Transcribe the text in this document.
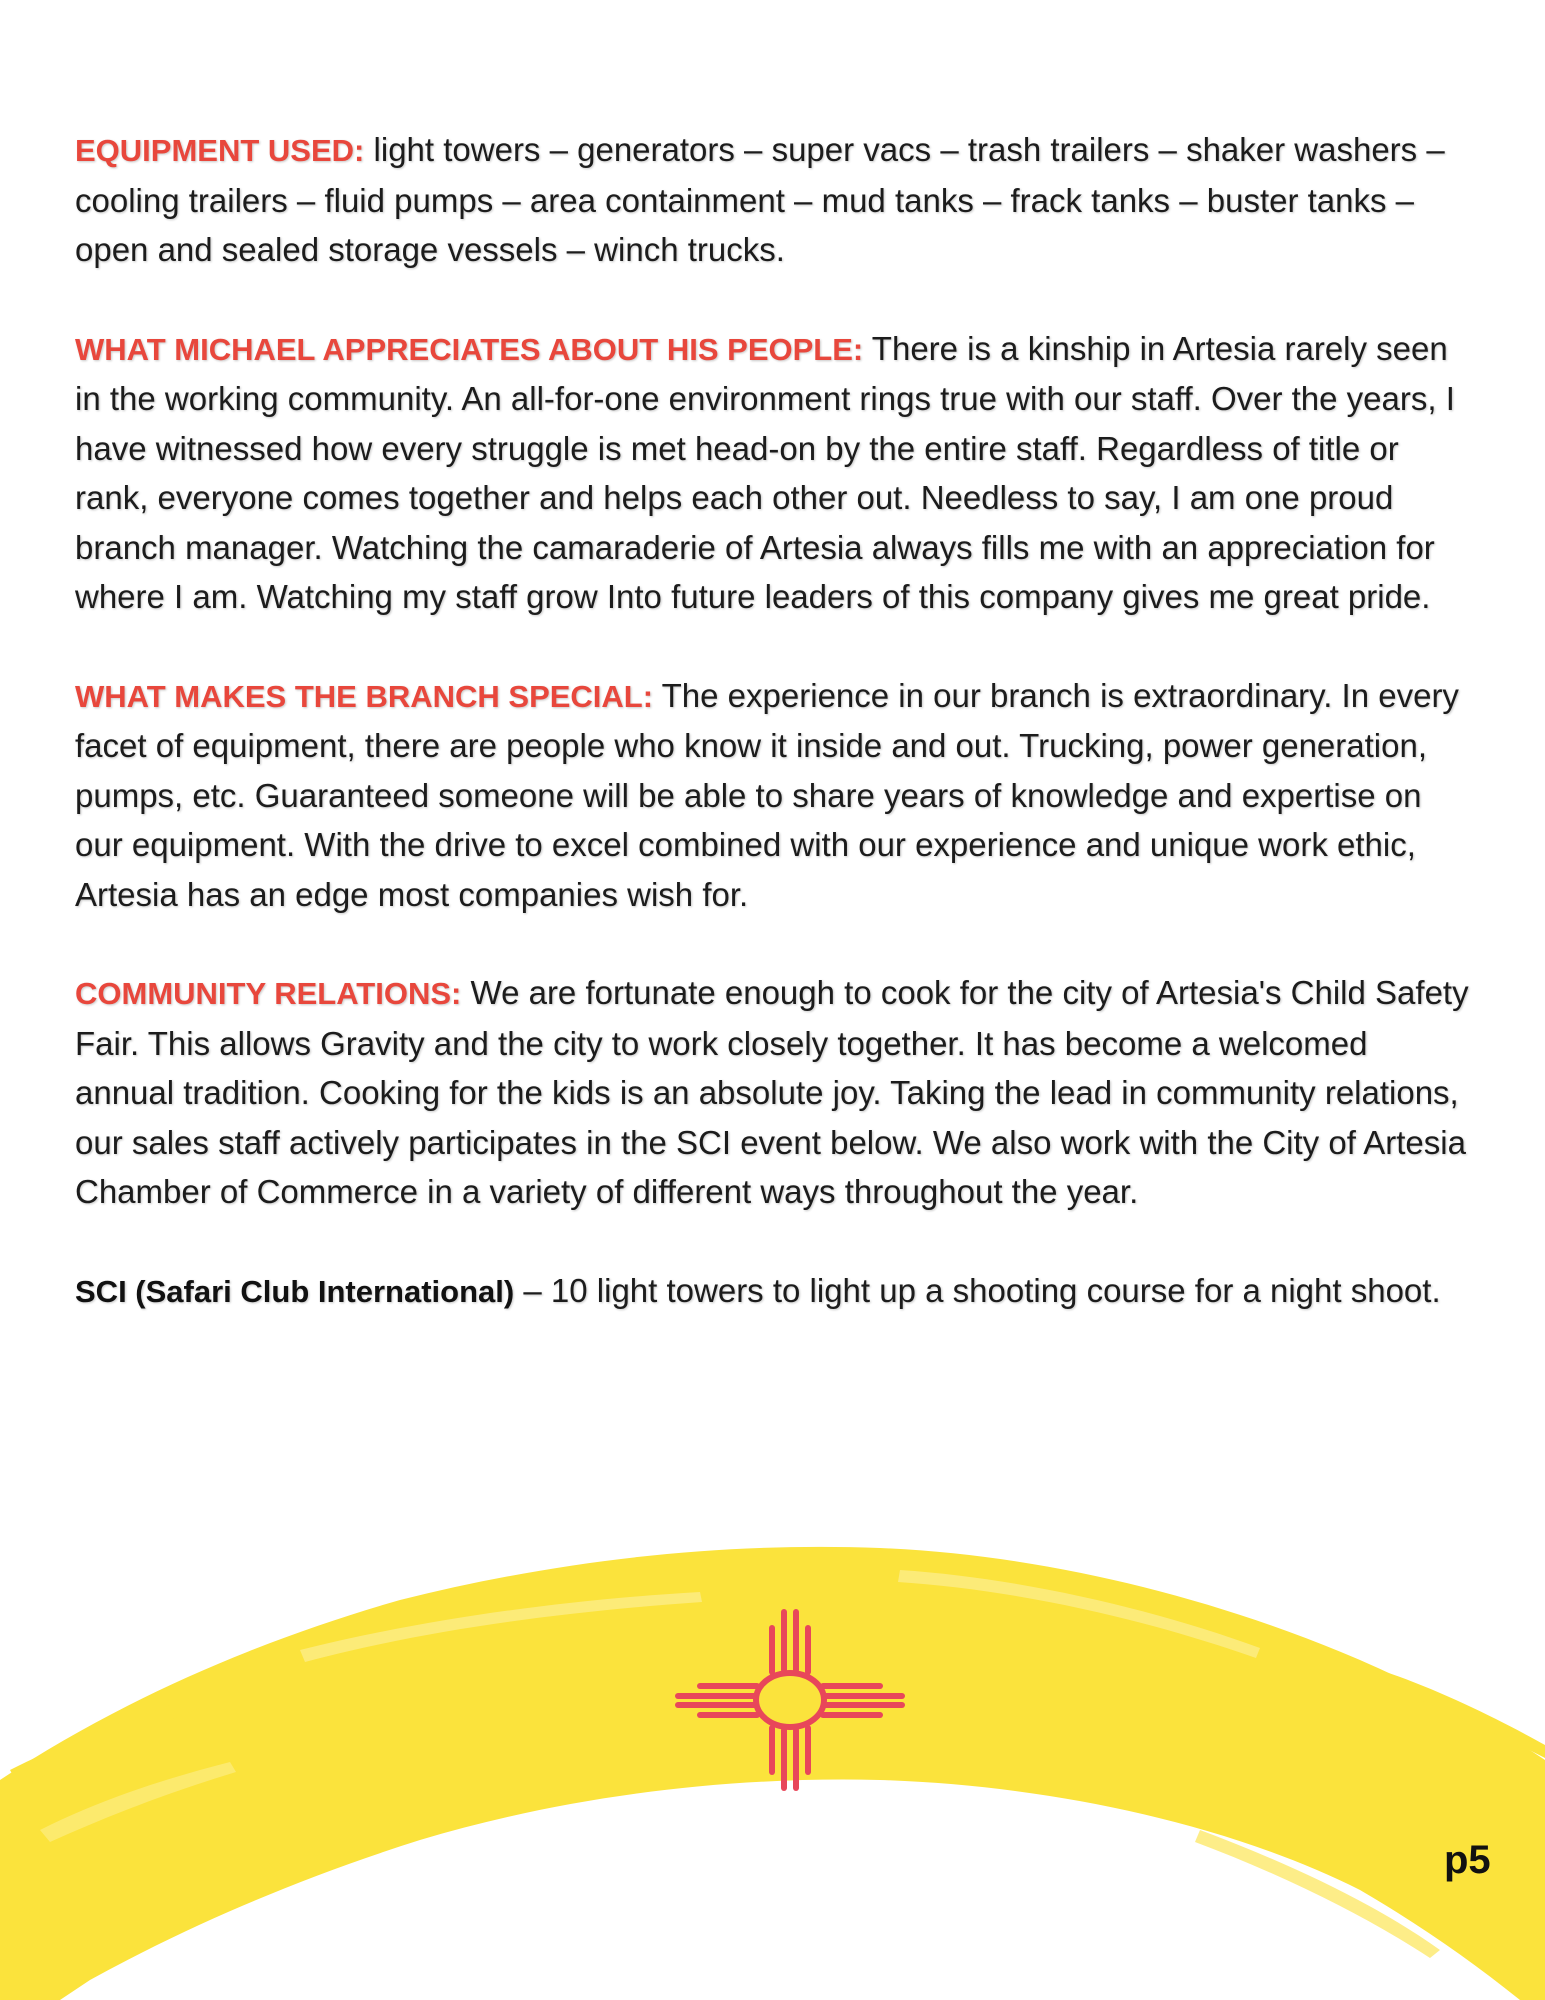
EQUIPMENT USED: light towers – generators – super vacs – trash trailers – shaker washers – cooling trailers – fluid pumps – area containment – mud tanks – frack tanks – buster tanks – open and sealed storage vessels – winch trucks.

WHAT MICHAEL APPRECIATES ABOUT HIS PEOPLE: There is a kinship in Artesia rarely seen in the working community. An all-for-one environment rings true with our staff. Over the years, I have witnessed how every struggle is met head-on by the entire staff. Regardless of title or rank, everyone comes together and helps each other out. Needless to say, I am one proud branch manager. Watching the camaraderie of Artesia always fills me with an appreciation for where I am. Watching my staff grow Into future leaders of this company gives me great pride.

WHAT MAKES THE BRANCH SPECIAL: The experience in our branch is extraordinary. In every facet of equipment, there are people who know it inside and out. Trucking, power generation, pumps, etc. Guaranteed someone will be able to share years of knowledge and expertise on our equipment. With the drive to excel combined with our experience and unique work ethic, Artesia has an edge most companies wish for.

COMMUNITY RELATIONS: We are fortunate enough to cook for the city of Artesia's Child Safety Fair. This allows Gravity and the city to work closely together. It has become a welcomed annual tradition. Cooking for the kids is an absolute joy. Taking the lead in community relations, our sales staff actively participates in the SCI event below. We also work with the City of Artesia Chamber of Commerce in a variety of different ways throughout the year.

SCI (Safari Club International) – 10 light towers to light up a shooting course for a night shoot.

p5
